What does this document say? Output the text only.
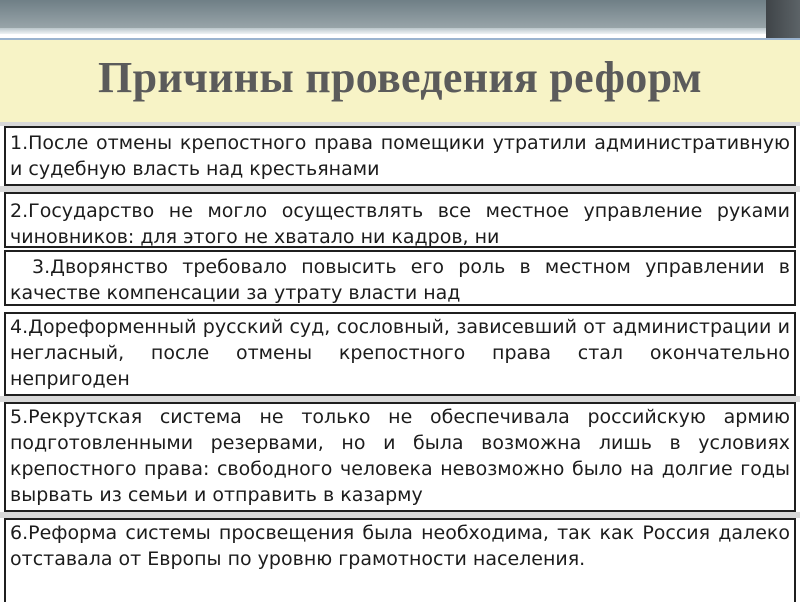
Причины проведения реформ
1.После отмены крепостного права помещики утратили административную и судебную власть над крестьянами
2.Государство не могло осуществлять все местное управление руками чиновников: для этого не хватало ни кадров, ни
3.Дворянство требовало повысить его роль в местном управлении в качестве компенсации за утрату власти над
4.Дореформенный русский суд, сословный, зависевший от администрации и негласный, после отмены крепостного права стал окончательно непригоден
5.Рекрутская система не только не обеспечивала российскую армию подготовленными резервами, но и была возможна лишь в условиях крепостного права: свободного человека невозможно было на долгие годы вырвать из семьи и отправить в казарму
6.Реформа системы просвещения была необходима, так как Россия далеко отставала от Европы по уровню грамотности населения.
